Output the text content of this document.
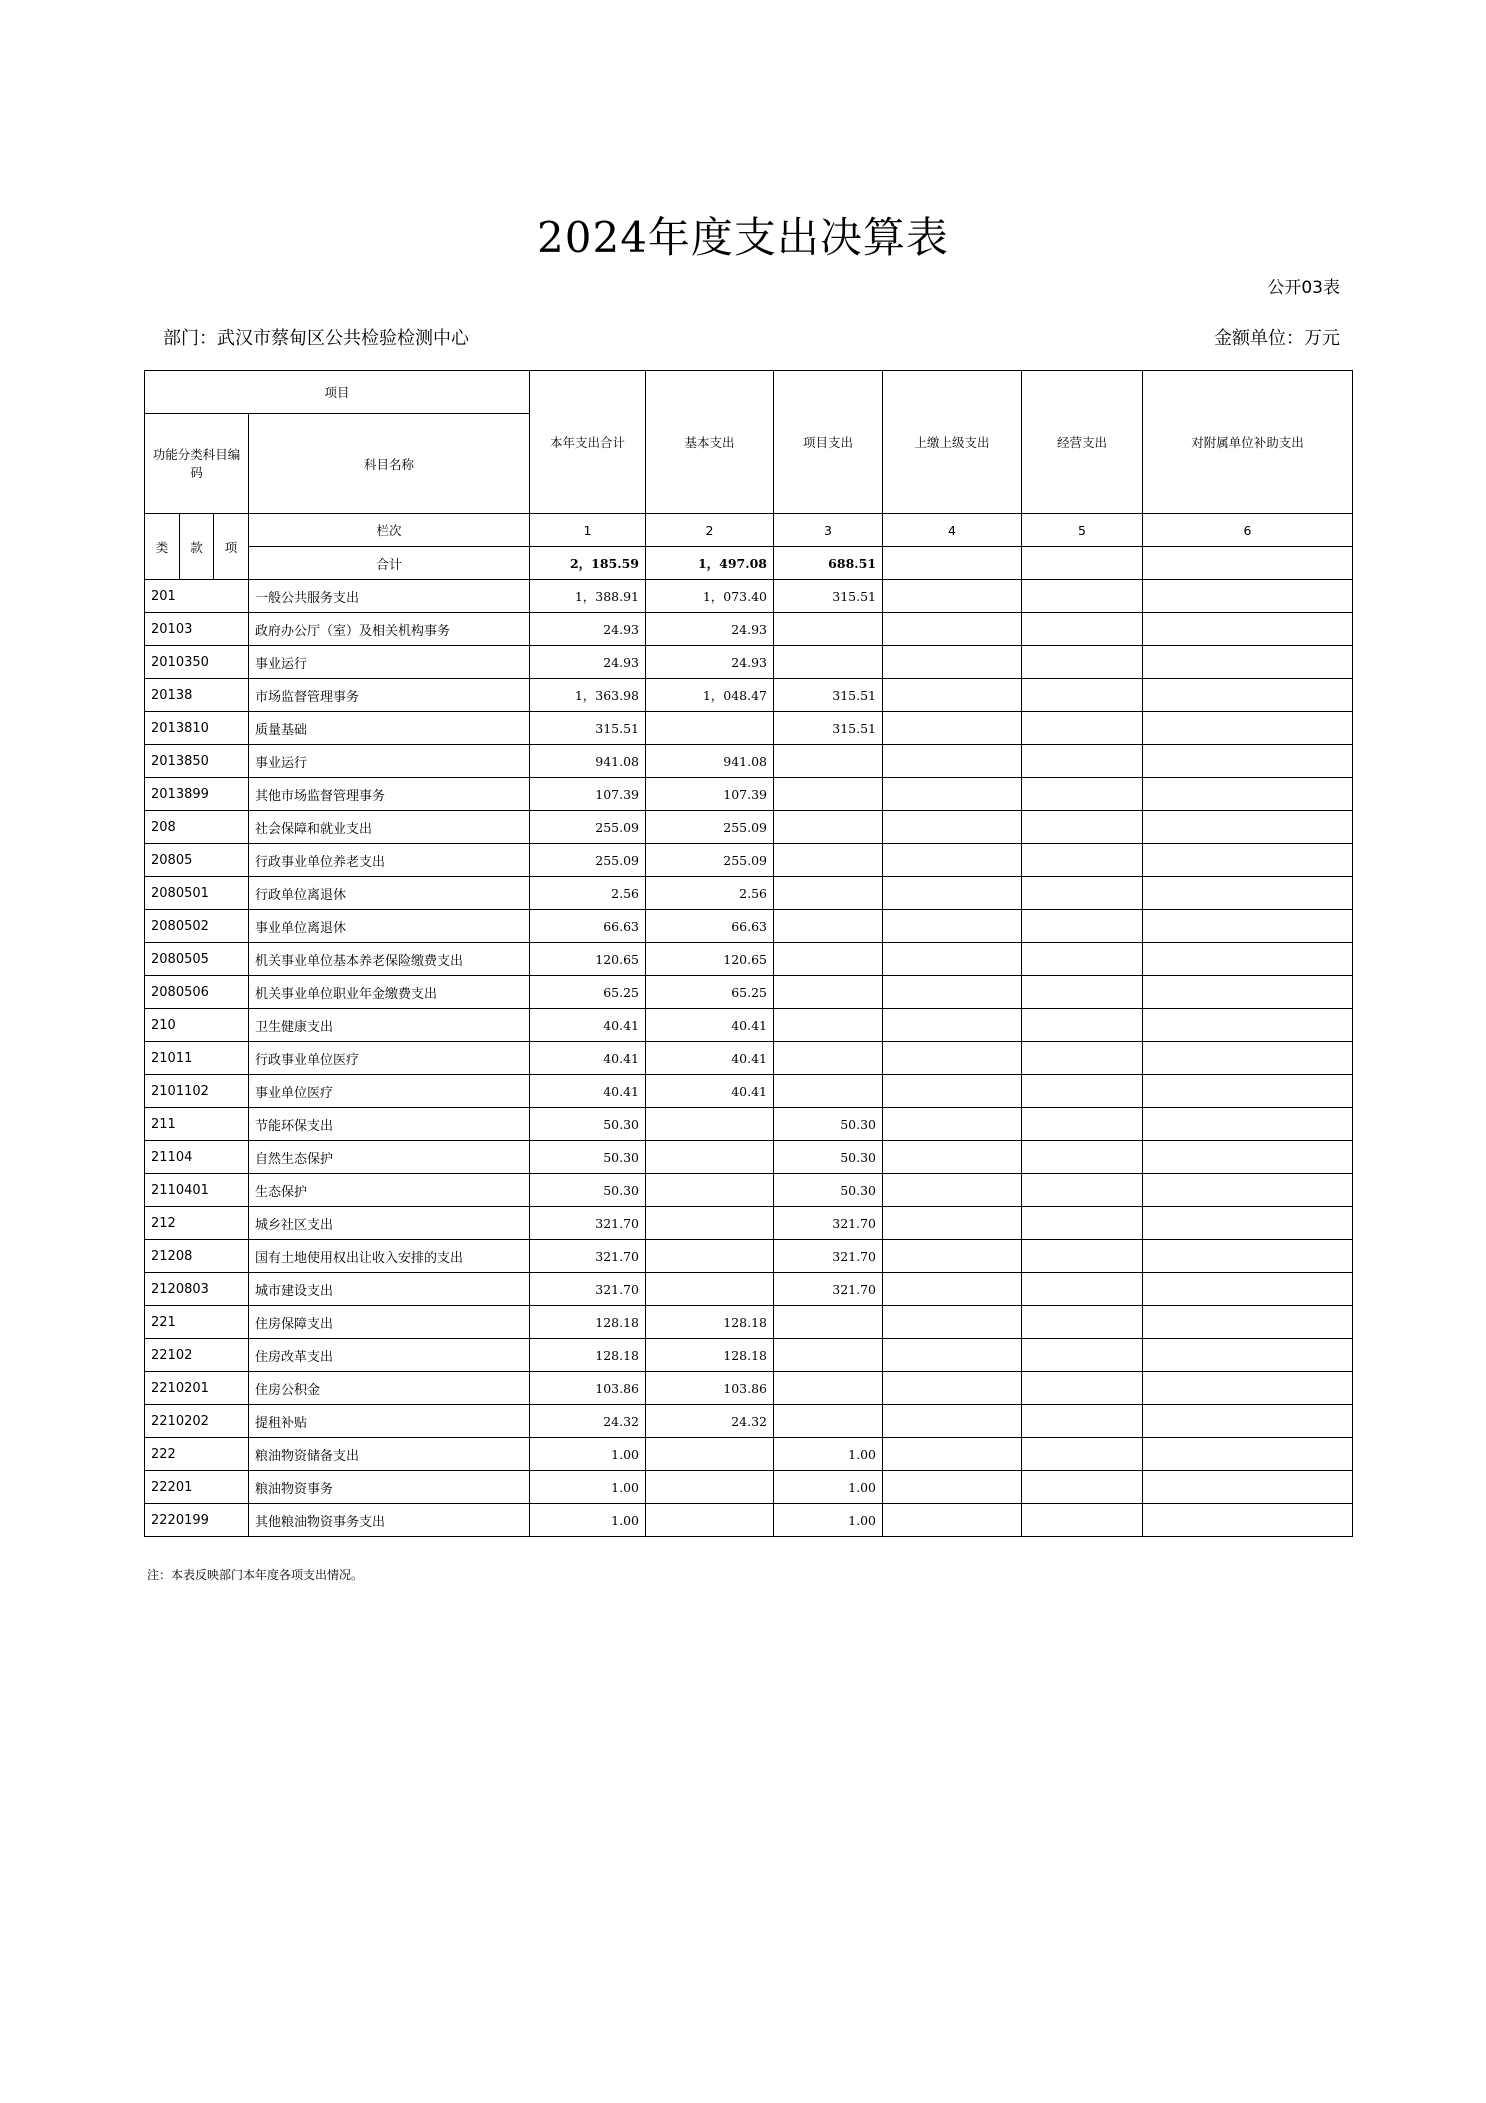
2024年度支出决算表
公开03表
部门：武汉市蔡甸区公共检验检测中心	金额单位：万元
项目				本年支出合计	基本支出	项目支出	上缴上级支出	经营支出	对附属单位补助支出
功能分类科目编码			科目名称						
类	款	项	栏次	1	2	3	4	5	6
			合计	2，185.59	1，497.08	688.51			
201			一般公共服务支出	1，388.91	1，073.40	315.51			
20103			政府办公厅（室）及相关机构事务	24.93	24.93				
2010350			事业运行	24.93	24.93				
20138			市场监督管理事务	1，363.98	1，048.47	315.51			
2013810			质量基础	315.51		315.51			
2013850			事业运行	941.08	941.08				
2013899			其他市场监督管理事务	107.39	107.39				
208			社会保障和就业支出	255.09	255.09				
20805			行政事业单位养老支出	255.09	255.09				
2080501			行政单位离退休	2.56	2.56				
2080502			事业单位离退休	66.63	66.63				
2080505			机关事业单位基本养老保险缴费支出	120.65	120.65				
2080506			机关事业单位职业年金缴费支出	65.25	65.25				
210			卫生健康支出	40.41	40.41				
21011			行政事业单位医疗	40.41	40.41				
2101102			事业单位医疗	40.41	40.41				
211			节能环保支出	50.30		50.30			
21104			自然生态保护	50.30		50.30			
2110401			生态保护	50.30		50.30			
212			城乡社区支出	321.70		321.70			
21208			国有土地使用权出让收入安排的支出	321.70		321.70			
2120803			城市建设支出	321.70		321.70			
221			住房保障支出	128.18	128.18				
22102			住房改革支出	128.18	128.18				
2210201			住房公积金	103.86	103.86				
2210202			提租补贴	24.32	24.32				
222			粮油物资储备支出	1.00		1.00			
22201			粮油物资事务	1.00		1.00			
2220199			其他粮油物资事务支出	1.00		1.00			
注：本表反映部门本年度各项支出情况。
